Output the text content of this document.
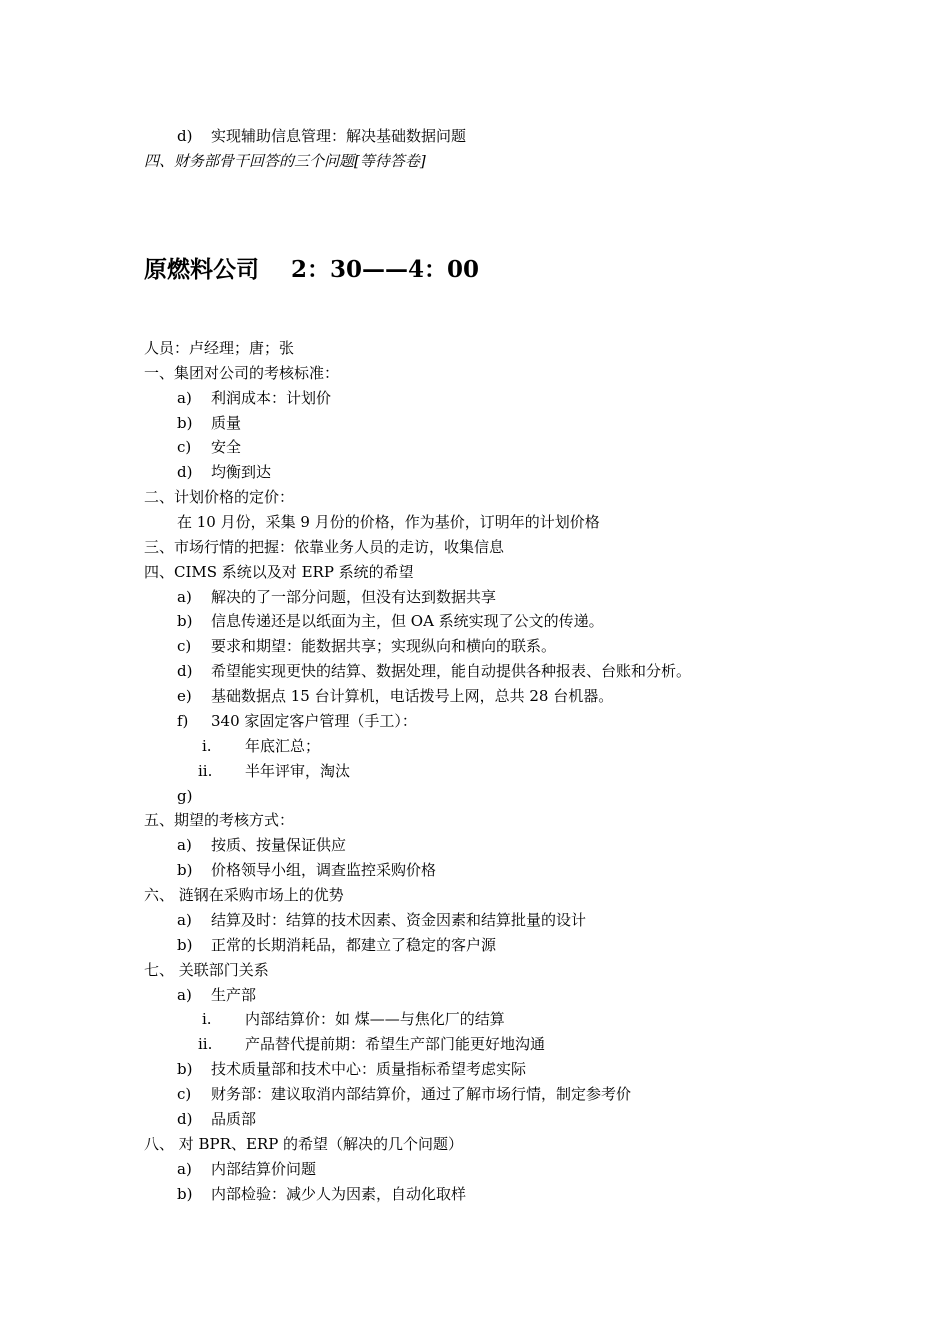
d) 实现辅助信息管理：解决基础数据问题
四、财务部骨干回答的三个问题[等待答卷]
原燃料公司 2：30——4：00
人员：卢经理；唐；张
一、集团对公司的考核标准：
a) 利润成本：计划价
b) 质量
c) 安全
d) 均衡到达
二、计划价格的定价：
在 10 月份，采集 9 月份的价格，作为基价，订明年的计划价格
三、市场行情的把握：依靠业务人员的走访，收集信息
四、CIMS 系统以及对 ERP 系统的希望
a) 解决的了一部分问题，但没有达到数据共享
b) 信息传递还是以纸面为主，但 OA 系统实现了公文的传递。
c) 要求和期望：能数据共享；实现纵向和横向的联系。
d) 希望能实现更快的结算、数据处理，能自动提供各种报表、台账和分析。
e) 基础数据点 15 台计算机，电话拨号上网，总共 28 台机器。
f) 340 家固定客户管理（手工）：
i. 年底汇总；
ii. 半年评审，淘汰
g)
五、期望的考核方式：
a) 按质、按量保证供应
b) 价格领导小组，调查监控采购价格
六、 涟钢在采购市场上的优势
a) 结算及时：结算的技术因素、资金因素和结算批量的设计
b) 正常的长期消耗品，都建立了稳定的客户源
七、 关联部门关系
a) 生产部
i. 内部结算价：如 煤——与焦化厂的结算
ii. 产品替代提前期：希望生产部门能更好地沟通
b) 技术质量部和技术中心：质量指标希望考虑实际
c) 财务部：建议取消内部结算价，通过了解市场行情，制定参考价
d) 品质部
八、 对 BPR、ERP 的希望（解决的几个问题）
a) 内部结算价问题
b) 内部检验：减少人为因素，自动化取样
